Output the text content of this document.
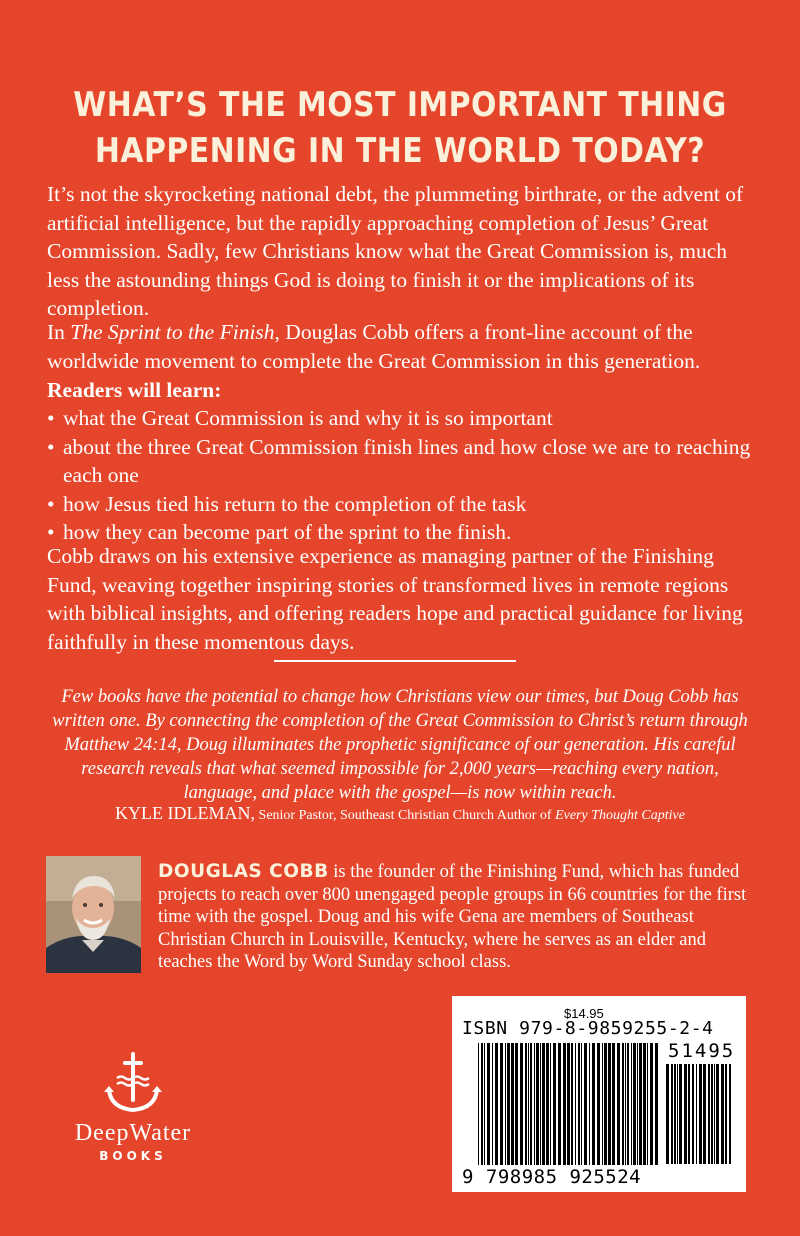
WHAT’S THE MOST IMPORTANT THING
HAPPENING IN THE WORLD TODAY?

It’s not the skyrocketing national debt, the plummeting birthrate, or the advent of artificial intelligence, but the rapidly approaching completion of Jesus’ Great Commission. Sadly, few Christians know what the Great Commission is, much less the astounding things God is doing to finish it or the implications of its completion.

In The Sprint to the Finish, Douglas Cobb offers a front-line account of the worldwide movement to complete the Great Commission in this generation.

Readers will learn:

• what the Great Commission is and why it is so important
• about the three Great Commission finish lines and how close we are to reaching each one
• how Jesus tied his return to the completion of the task
• how they can become part of the sprint to the finish.

Cobb draws on his extensive experience as managing partner of the Finishing Fund, weaving together inspiring stories of transformed lives in remote regions with biblical insights, and offering readers hope and practical guidance for living faithfully in these momentous days.

Few books have the potential to change how Christians view our times, but Doug Cobb has written one. By connecting the completion of the Great Commission to Christ’s return through Matthew 24:14, Doug illuminates the prophetic significance of our generation. His careful research reveals that what seemed impossible for 2,000 years—reaching every nation, language, and place with the gospel—is now within reach.

KYLE IDLEMAN, Senior Pastor, Southeast Christian Church Author of Every Thought Captive

DOUGLAS COBB is the founder of the Finishing Fund, which has funded projects to reach over 800 unengaged people groups in 66 countries for the first time with the gospel. Doug and his wife Gena are members of Southeast Christian Church in Louisville, Kentucky, where he serves as an elder and teaches the Word by Word Sunday school class.

DeepWater
BOOKS
$14.95
ISBN 979-8-9859255-2-4
51495
9 798985 925524
